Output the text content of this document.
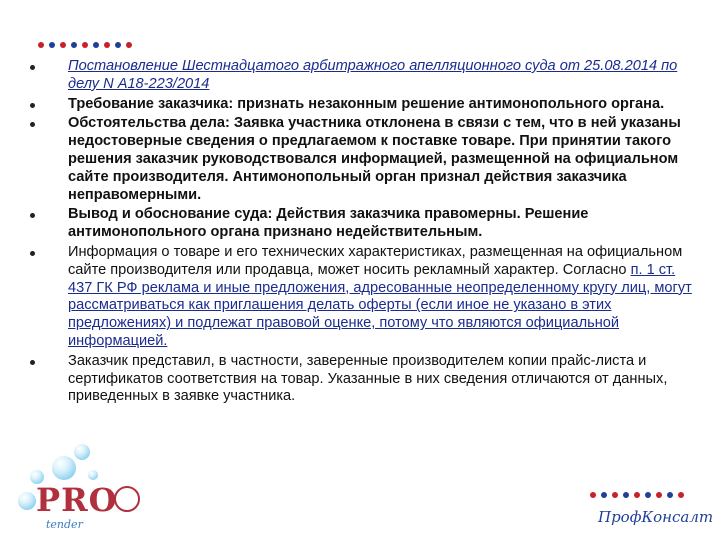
Постановление Шестнадцатого арбитражного апелляционного суда от 25.08.2014 по делу N А18-223/2014
Требование заказчика: признать незаконным решение антимонопольного органа.
Обстоятельства дела: Заявка участника отклонена в связи с тем, что в ней указаны недостоверные сведения о предлагаемом к поставке товаре. При принятии такого решения заказчик руководствовался информацией, размещенной на официальном сайте производителя. Антимонопольный орган признал действия заказчика неправомерными.
Вывод и обоснование суда: Действия заказчика правомерны. Решение антимонопольного органа признано недействительным.
Информация о товаре и его технических характеристиках, размещенная на официальном сайте производителя или продавца, может носить рекламный характер. Согласно п. 1 ст. 437 ГК РФ реклама и иные предложения, адресованные неопределенному кругу лиц, могут рассматриваться как приглашения делать оферты (если иное не указано в этих предложениях) и подлежат правовой оценке, потому что являются официальной информацией.
Заказчик представил, в частности, заверенные производителем копии прайс-листа и сертификатов соответствия на товар. Указанные в них сведения отличаются от данных, приведенных в заявке участника.
PRO
tender	ПрофКонсалт
